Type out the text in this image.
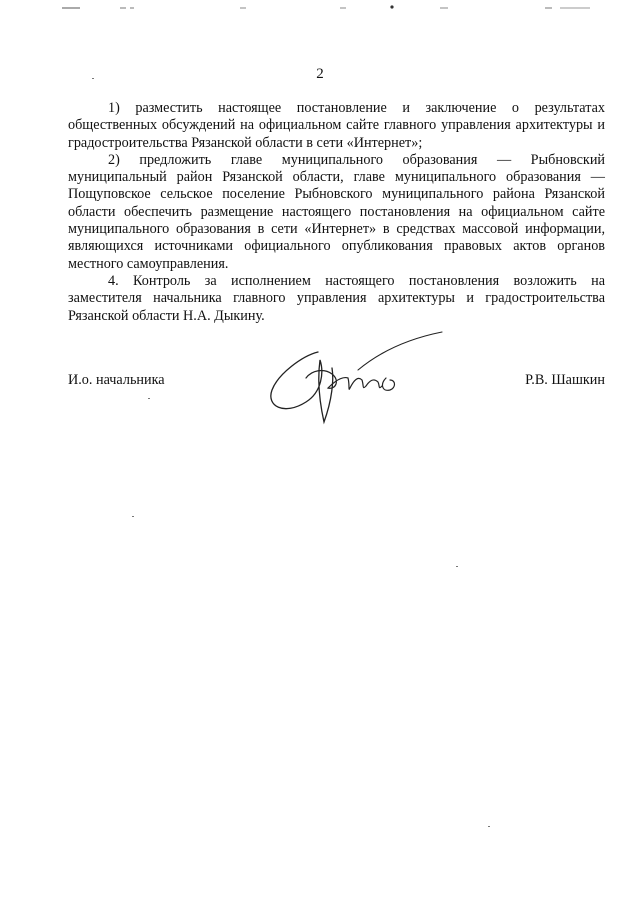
2

1) разместить настоящее постановление и заключение о результатах общественных обсуждений на официальном сайте главного управления архитектуры и градостроительства Рязанской области в сети «Интернет»;

2) предложить главе муниципального образования — Рыбновский муниципальный район Рязанской области, главе муниципального образования — Пощуповское сельское поселение Рыбновского муниципального района Рязанской области обеспечить размещение настоящего постановления на официальном сайте муниципального образования в сети «Интернет» в средствах массовой информации, являющихся источниками официального опубликования правовых актов органов местного самоуправления.

4. Контроль за исполнением настоящего постановления возложить на заместителя начальника главного управления архитектуры и градостроительства Рязанской области Н.А. Дыкину.

И.о. начальника	Р.В. Шашкин
